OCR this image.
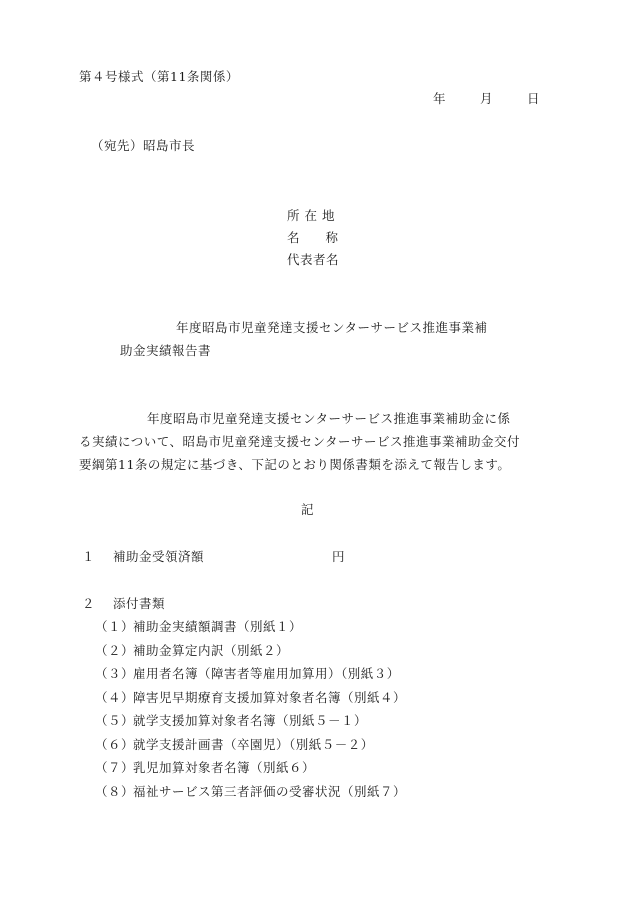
第４号様式（第11条関係）
年	月	日
（宛先）昭島市長
所 在 地
名 称
代表者名
年度昭島市児童発達支援センターサービス推進事業補
助金実績報告書
年度昭島市児童発達支援センターサービス推進事業補助金に係
る実績について、昭島市児童発達支援センターサービス推進事業補助金交付
要綱第11条の規定に基づき、下記のとおり関係書類を添えて報告します。
記
１ 補助金受領済額	円
２ 添付書類
（１）補助金実績額調書（別紙１）
（２）補助金算定内訳（別紙２）
（３）雇用者名簿（障害者等雇用加算用）（別紙３）
（４）障害児早期療育支援加算対象者名簿（別紙４）
（５）就学支援加算対象者名簿（別紙５－１）
（６）就学支援計画書（卒園児）（別紙５－２）
（７）乳児加算対象者名簿（別紙６）
（８）福祉サービス第三者評価の受審状況（別紙７）
